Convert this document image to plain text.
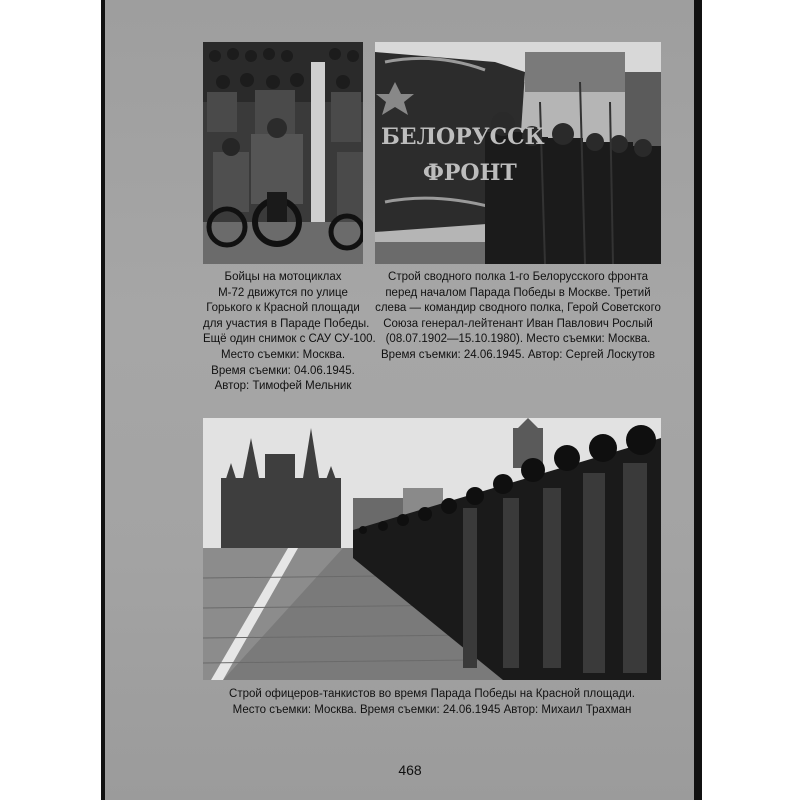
БЕЛОРУССК
ФРОНТ

Бойцы на мотоциклах
М-72 движутся по улице
Горького к Красной площади
для участия в Параде Победы.
Ещё один снимок с САУ СУ-100.
Место съемки: Москва.
Время съемки: 04.06.1945.
Автор: Тимофей Мельник

Строй сводного полка 1-го Белорусского фронта
перед началом Парада Победы в Москве. Третий
слева — командир сводного полка, Герой Советского
Союза генерал-лейтенант Иван Павлович Рослый
(08.07.1902—15.10.1980). Место съемки: Москва.
Время съемки: 24.06.1945. Автор: Сергей Лоскутов

Строй офицеров-танкистов во время Парада Победы на Красной площади.
Место съемки: Москва. Время съемки: 24.06.1945 Автор: Михаил Трахман

468
